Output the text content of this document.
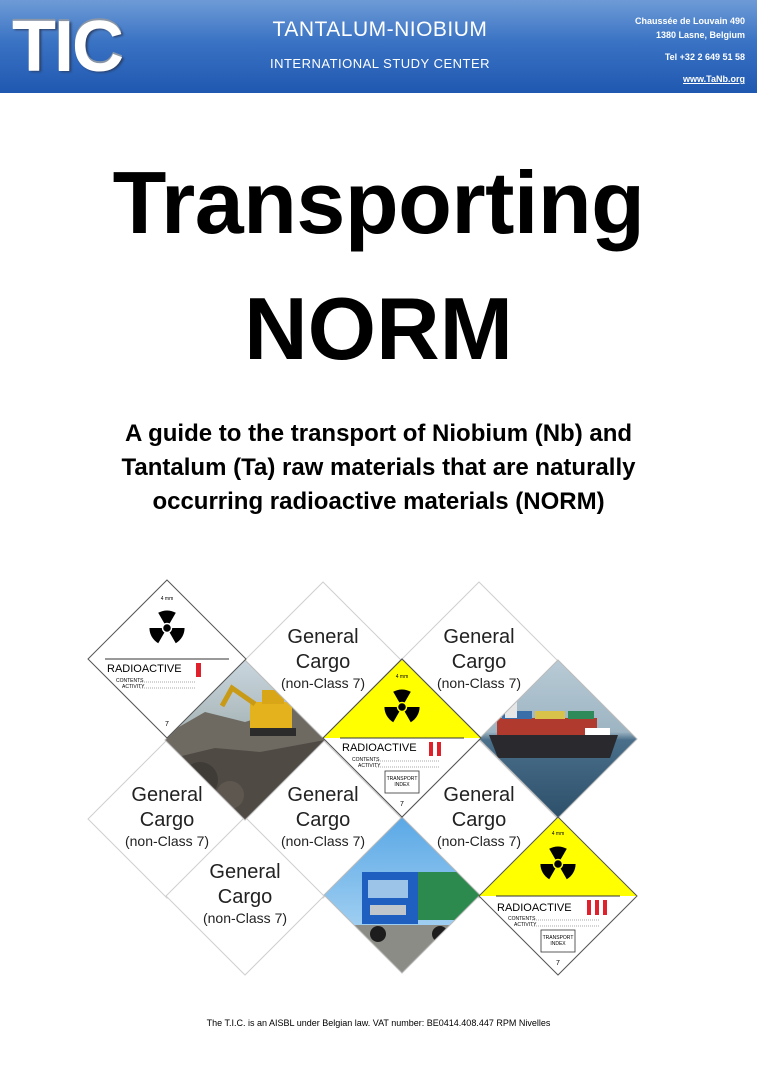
TIC	TANTALUM-NIOBIUM
INTERNATIONAL STUDY CENTER
Chaussée de Louvain 490
1380 Lasne, Belgium
Tel +32 2 649 51 58
www.TaNb.org
Transporting
NORM
A guide to the transport of Niobium (Nb) and Tantalum (Ta) raw materials that are naturally occurring radioactive materials (NORM)
General
Cargo
(non-Class 7)
General
Cargo
(non-Class 7)
General
Cargo
(non-Class 7)
General
Cargo
(non-Class 7)
General
Cargo
(non-Class 7)
General
Cargo
(non-Class 7)
4 mm
RADIOACTIVE
CONTENTS
ACTIVITY
7
4 mm
RADIOACTIVE
CONTENTS
ACTIVITY
TRANSPORT
INDEX
7
4 mm
RADIOACTIVE
CONTENTS
ACTIVITY
TRANSPORT
INDEX
7
The T.I.C. is an AISBL under Belgian law. VAT number: BE0414.408.447 RPM Nivelles
